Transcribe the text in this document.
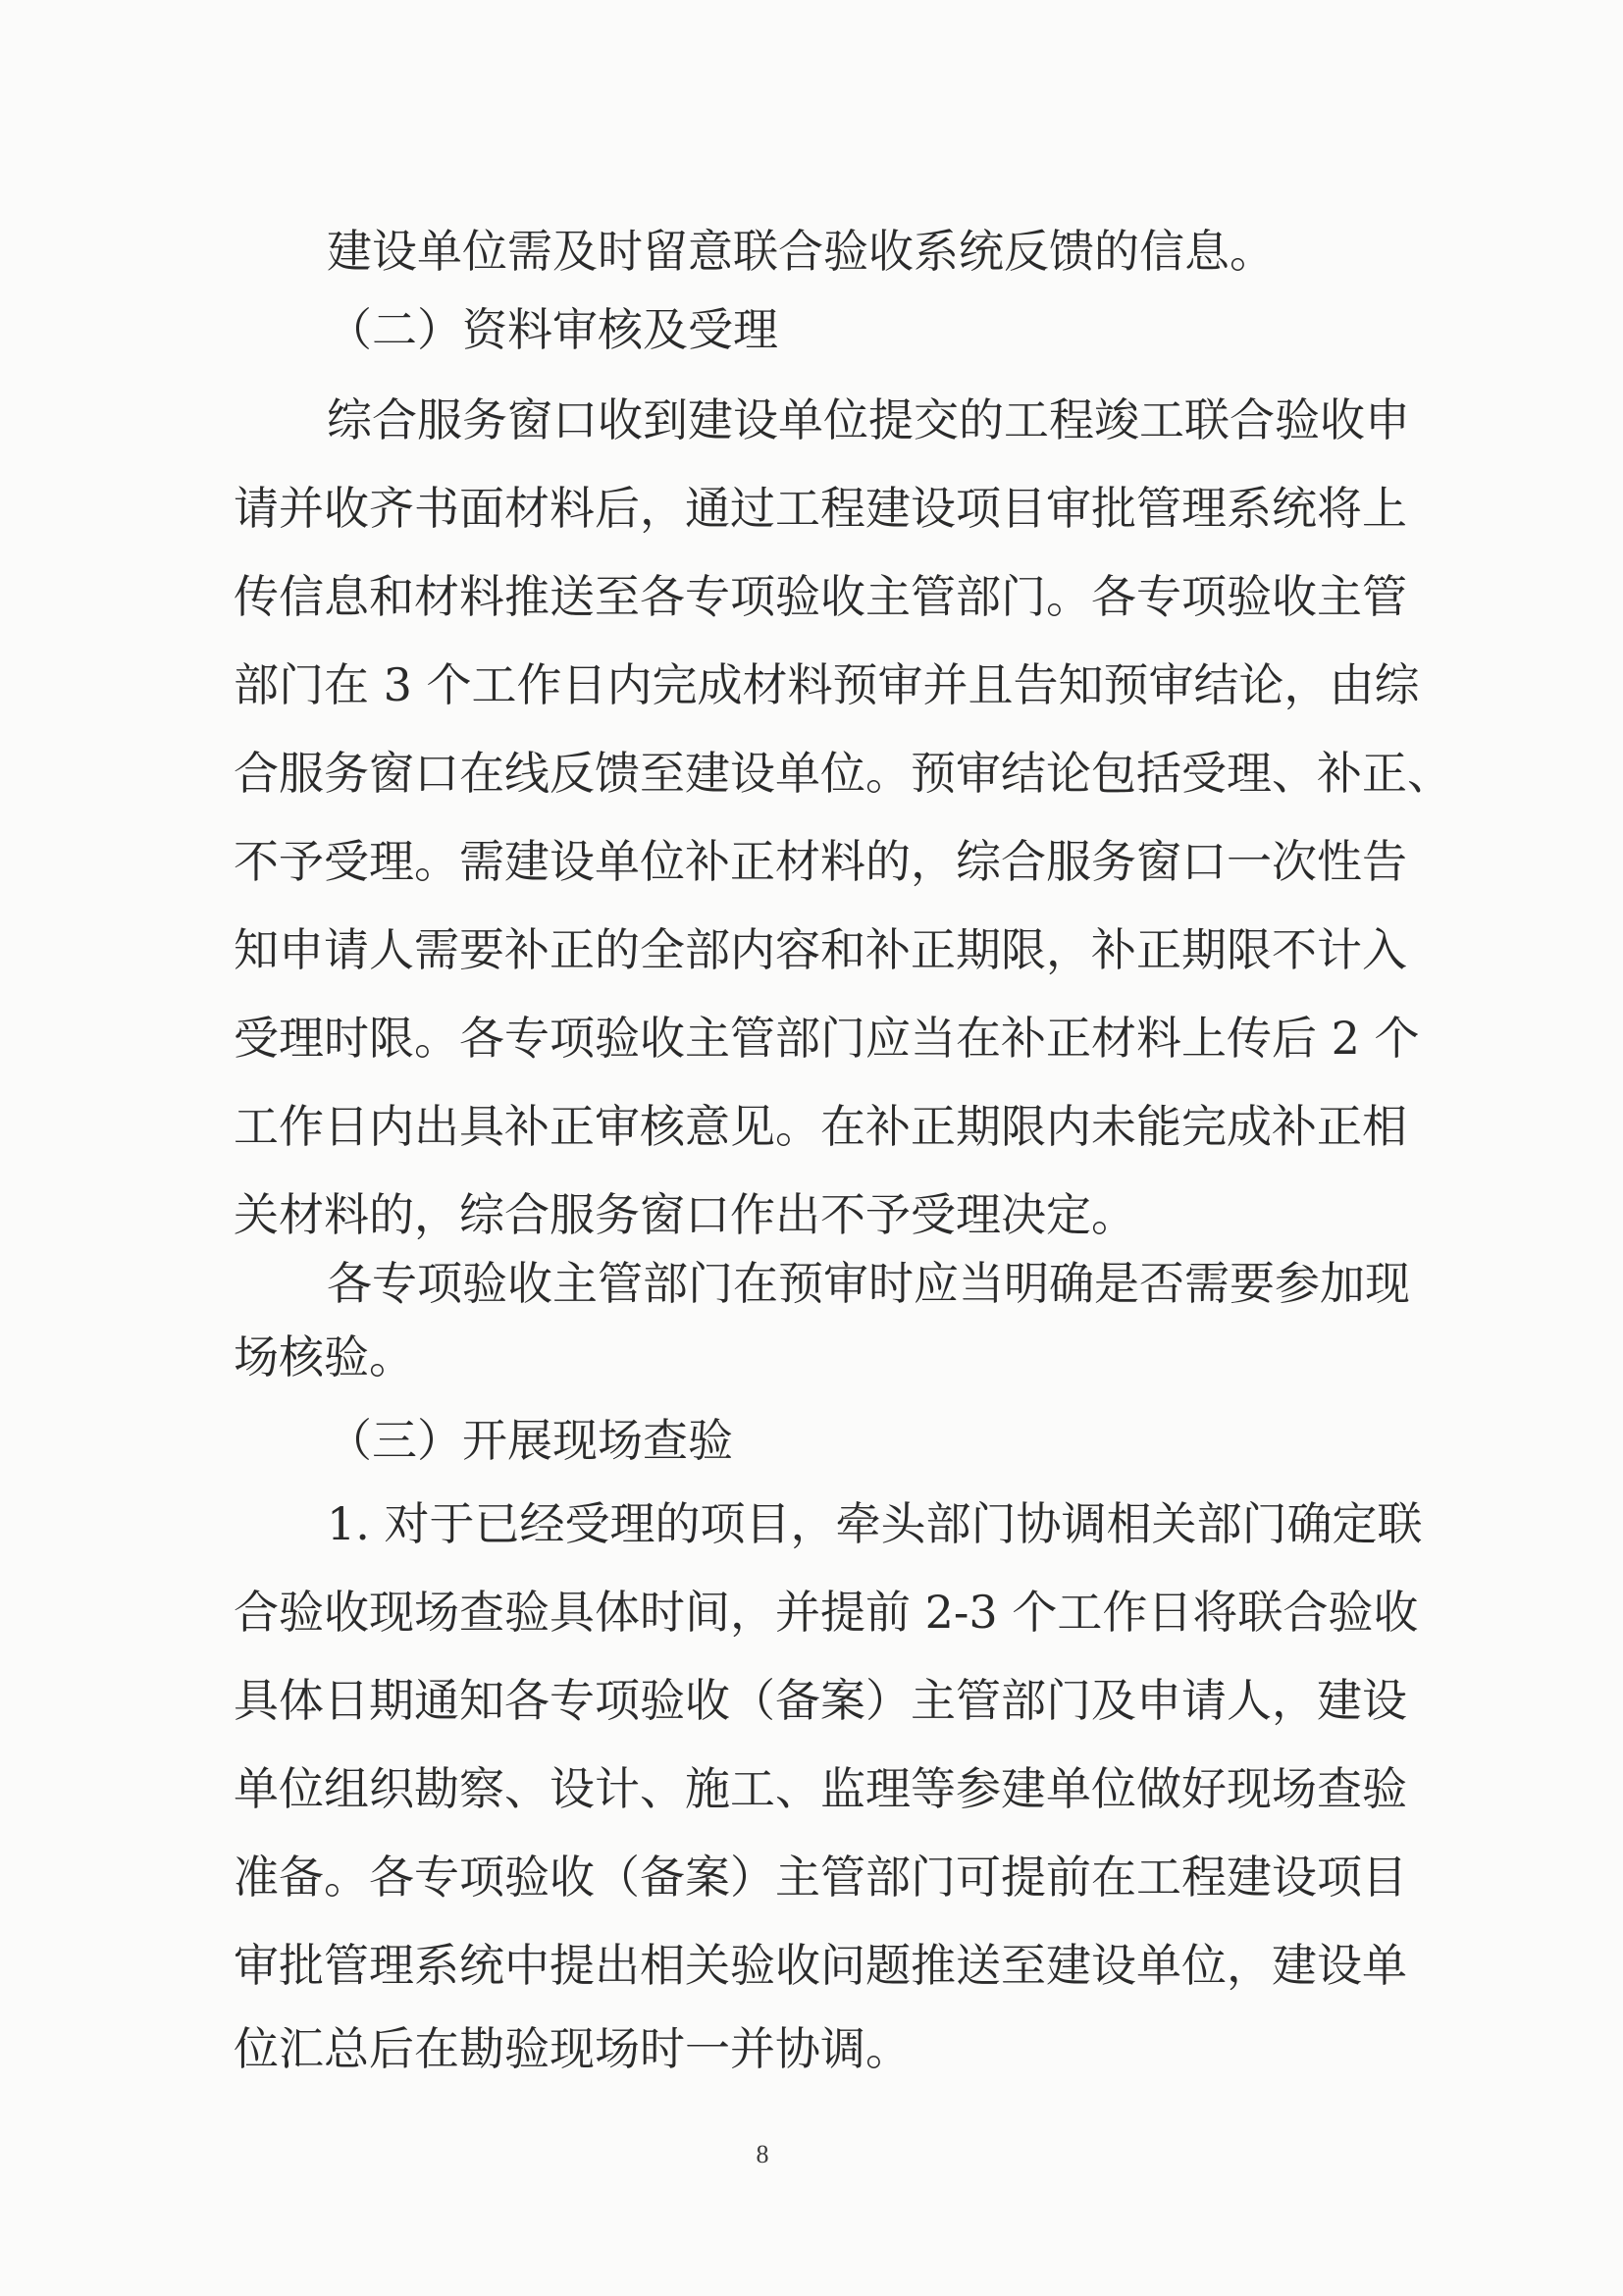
建设单位需及时留意联合验收系统反馈的信息。
（二）资料审核及受理
综合服务窗口收到建设单位提交的工程竣工联合验收申
请并收齐书面材料后，通过工程建设项目审批管理系统将上
传信息和材料推送至各专项验收主管部门。各专项验收主管
部门在 3 个工作日内完成材料预审并且告知预审结论，由综
合服务窗口在线反馈至建设单位。预审结论包括受理、补正、
不予受理。需建设单位补正材料的，综合服务窗口一次性告
知申请人需要补正的全部内容和补正期限，补正期限不计入
受理时限。各专项验收主管部门应当在补正材料上传后 2 个
工作日内出具补正审核意见。在补正期限内未能完成补正相
关材料的，综合服务窗口作出不予受理决定。
各专项验收主管部门在预审时应当明确是否需要参加现
场核验。
（三）开展现场查验
1. 对于已经受理的项目，牵头部门协调相关部门确定联
合验收现场查验具体时间，并提前 2-3 个工作日将联合验收
具体日期通知各专项验收（备案）主管部门及申请人，建设
单位组织勘察、设计、施工、监理等参建单位做好现场查验
准备。各专项验收（备案）主管部门可提前在工程建设项目
审批管理系统中提出相关验收问题推送至建设单位，建设单
位汇总后在勘验现场时一并协调。
8
